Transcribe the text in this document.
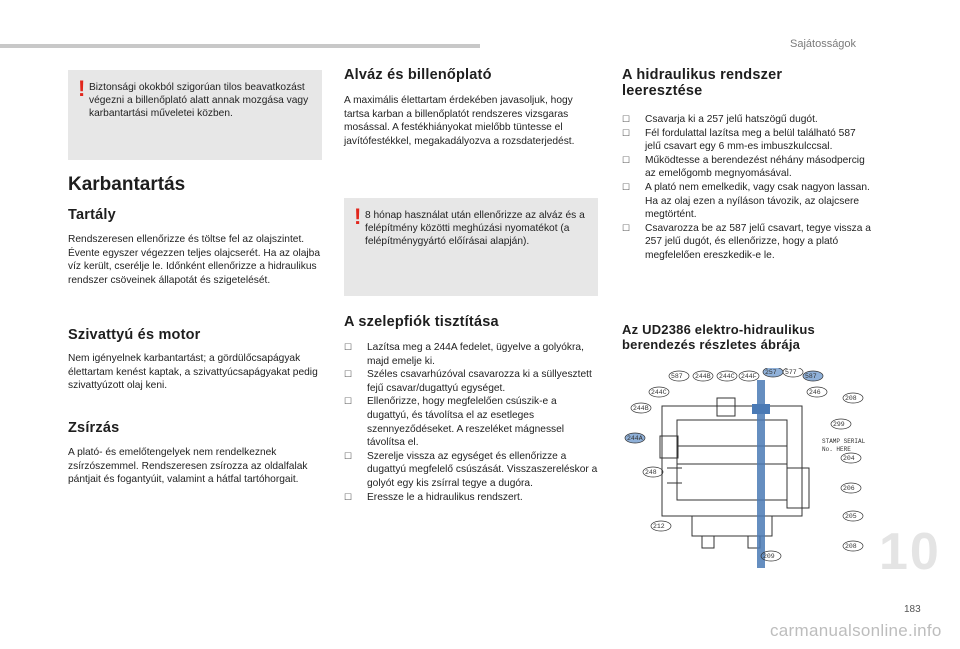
Sajátosságok
! Biztonsági okokból szigorúan tilos beavatkozást végezni a billenőplató alatt annak mozgása vagy karbantartási műveletei közben.

Karbantartás
Tartály

Rendszeresen ellenőrizze és töltse fel az olajszintet. Évente egyszer végezzen teljes olajcserét. Ha az olajba víz került, cserélje le. Időnként ellenőrizze a hidraulikus rendszer csöveinek állapotát és szigetelését.

Szivattyú és motor

Nem igényelnek karbantartást; a gördülőcsapágyak élettartam kenést kaptak, a szivattyúcsapágyakat pedig szivattyúzott olaj keni.

Zsírzás

A plató- és emelőtengelyek nem rendelkeznek zsírzószemmel. Rendszeresen zsírozza az oldalfalak pántjait és fogantyúit, valamint a hátfal tartóhorgait.

Alváz és billenőplató

A maximális élettartam érdekében javasoljuk, hogy tartsa karban a billenőplatót rendszeres vizsgaras mosással. A festékhiányokat mielőbb tüntesse el javítófestékkel, megakadályozva a rozsdaterjedést.

! 8 hónap használat után ellenőrizze az alváz és a felépítmény közötti meghúzási nyomatékot (a felépítménygyártó előírásai alapján).

A szelepfiók tisztítása
☐ Lazítsa meg a 244A fedelet, ügyelve a golyókra, majd emelje ki.
☐ Széles csavarhúzóval csavarozza ki a süllyesztett fejű csavar/dugattyú egységet.
☐ Ellenőrizze, hogy megfelelően csúszik-e a dugattyú, és távolítsa el az esetleges szennyeződéseket. A reszeléket mágnessel távolítsa el.
☐ Szerelje vissza az egységet és ellenőrizze a dugattyú megfelelő csúszását. Visszaszereléskor a golyót egy kis zsírral tegye a dugóra.
☐ Eressze le a hidraulikus rendszert.
A hidraulikus rendszer leeresztése
☐ Csavarja ki a 257 jelű hatszögű dugót.
☐ Fél fordulattal lazítsa meg a belül található 587 jelű csavart egy 6 mm-es imbuszkulccsal.
☐ Működtesse a berendezést néhány másodpercig az emelőgomb megnyomásával.
☐ A plató nem emelkedik, vagy csak nagyon lassan. Ha az olaj ezen a nyíláson távozik, az olajcsere megtörtént.
☐ Csavarozza be az 587 jelű csavart, tegye vissza a 257 jelű dugót, és ellenőrizze, hogy a plató megfelelően ereszkedik-e le.
Az UD2386 elektro-hidraulikus berendezés részletes ábrája
587 244B 244C 244F
257 577
587
244C
244B
244A
248
212
209
208
206
205
204
246
208
299
STAMP SERIAL
No. HERE
10
183
carmanualsonline.info
